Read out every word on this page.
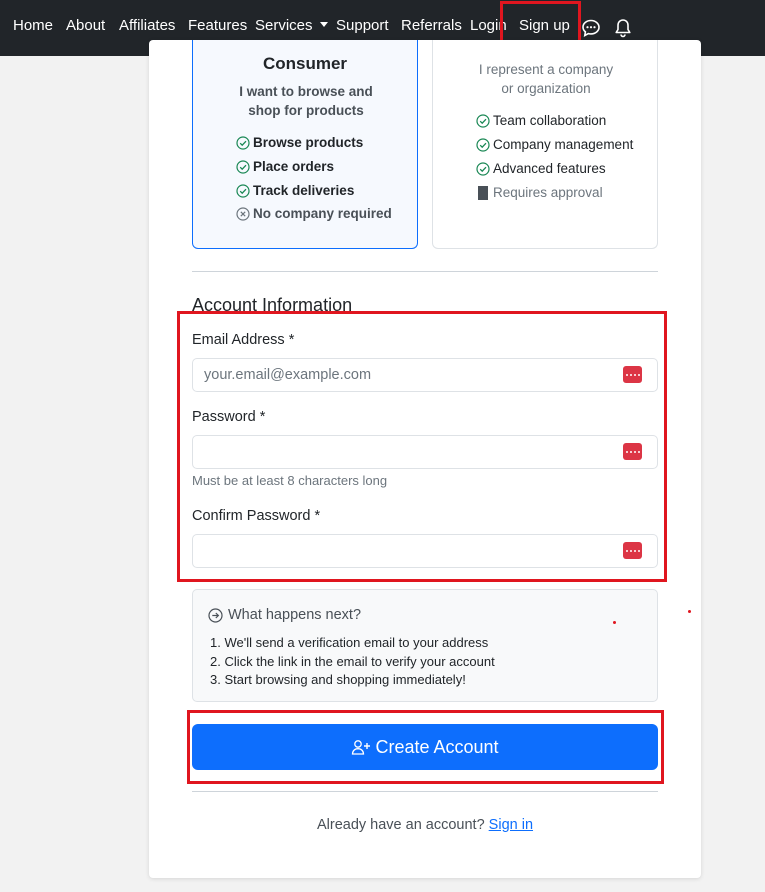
Home About Affiliates Features Services	Support Referrals Login Sign up
Consumer
I want to browse and shop for products
Browse products
Place orders
Track deliveries
No company required
I represent a company or organization
Team collaboration
Company management
Advanced features
Requires approval
Account Information
Email Address *
your.email@example.com
Password *
Must be at least 8 characters long
Confirm Password *
What happens next?
1. We'll send a verification email to your address
2. Click the link in the email to verify your account
3. Start browsing and shopping immediately!
Create Account
Already have an account? Sign in
